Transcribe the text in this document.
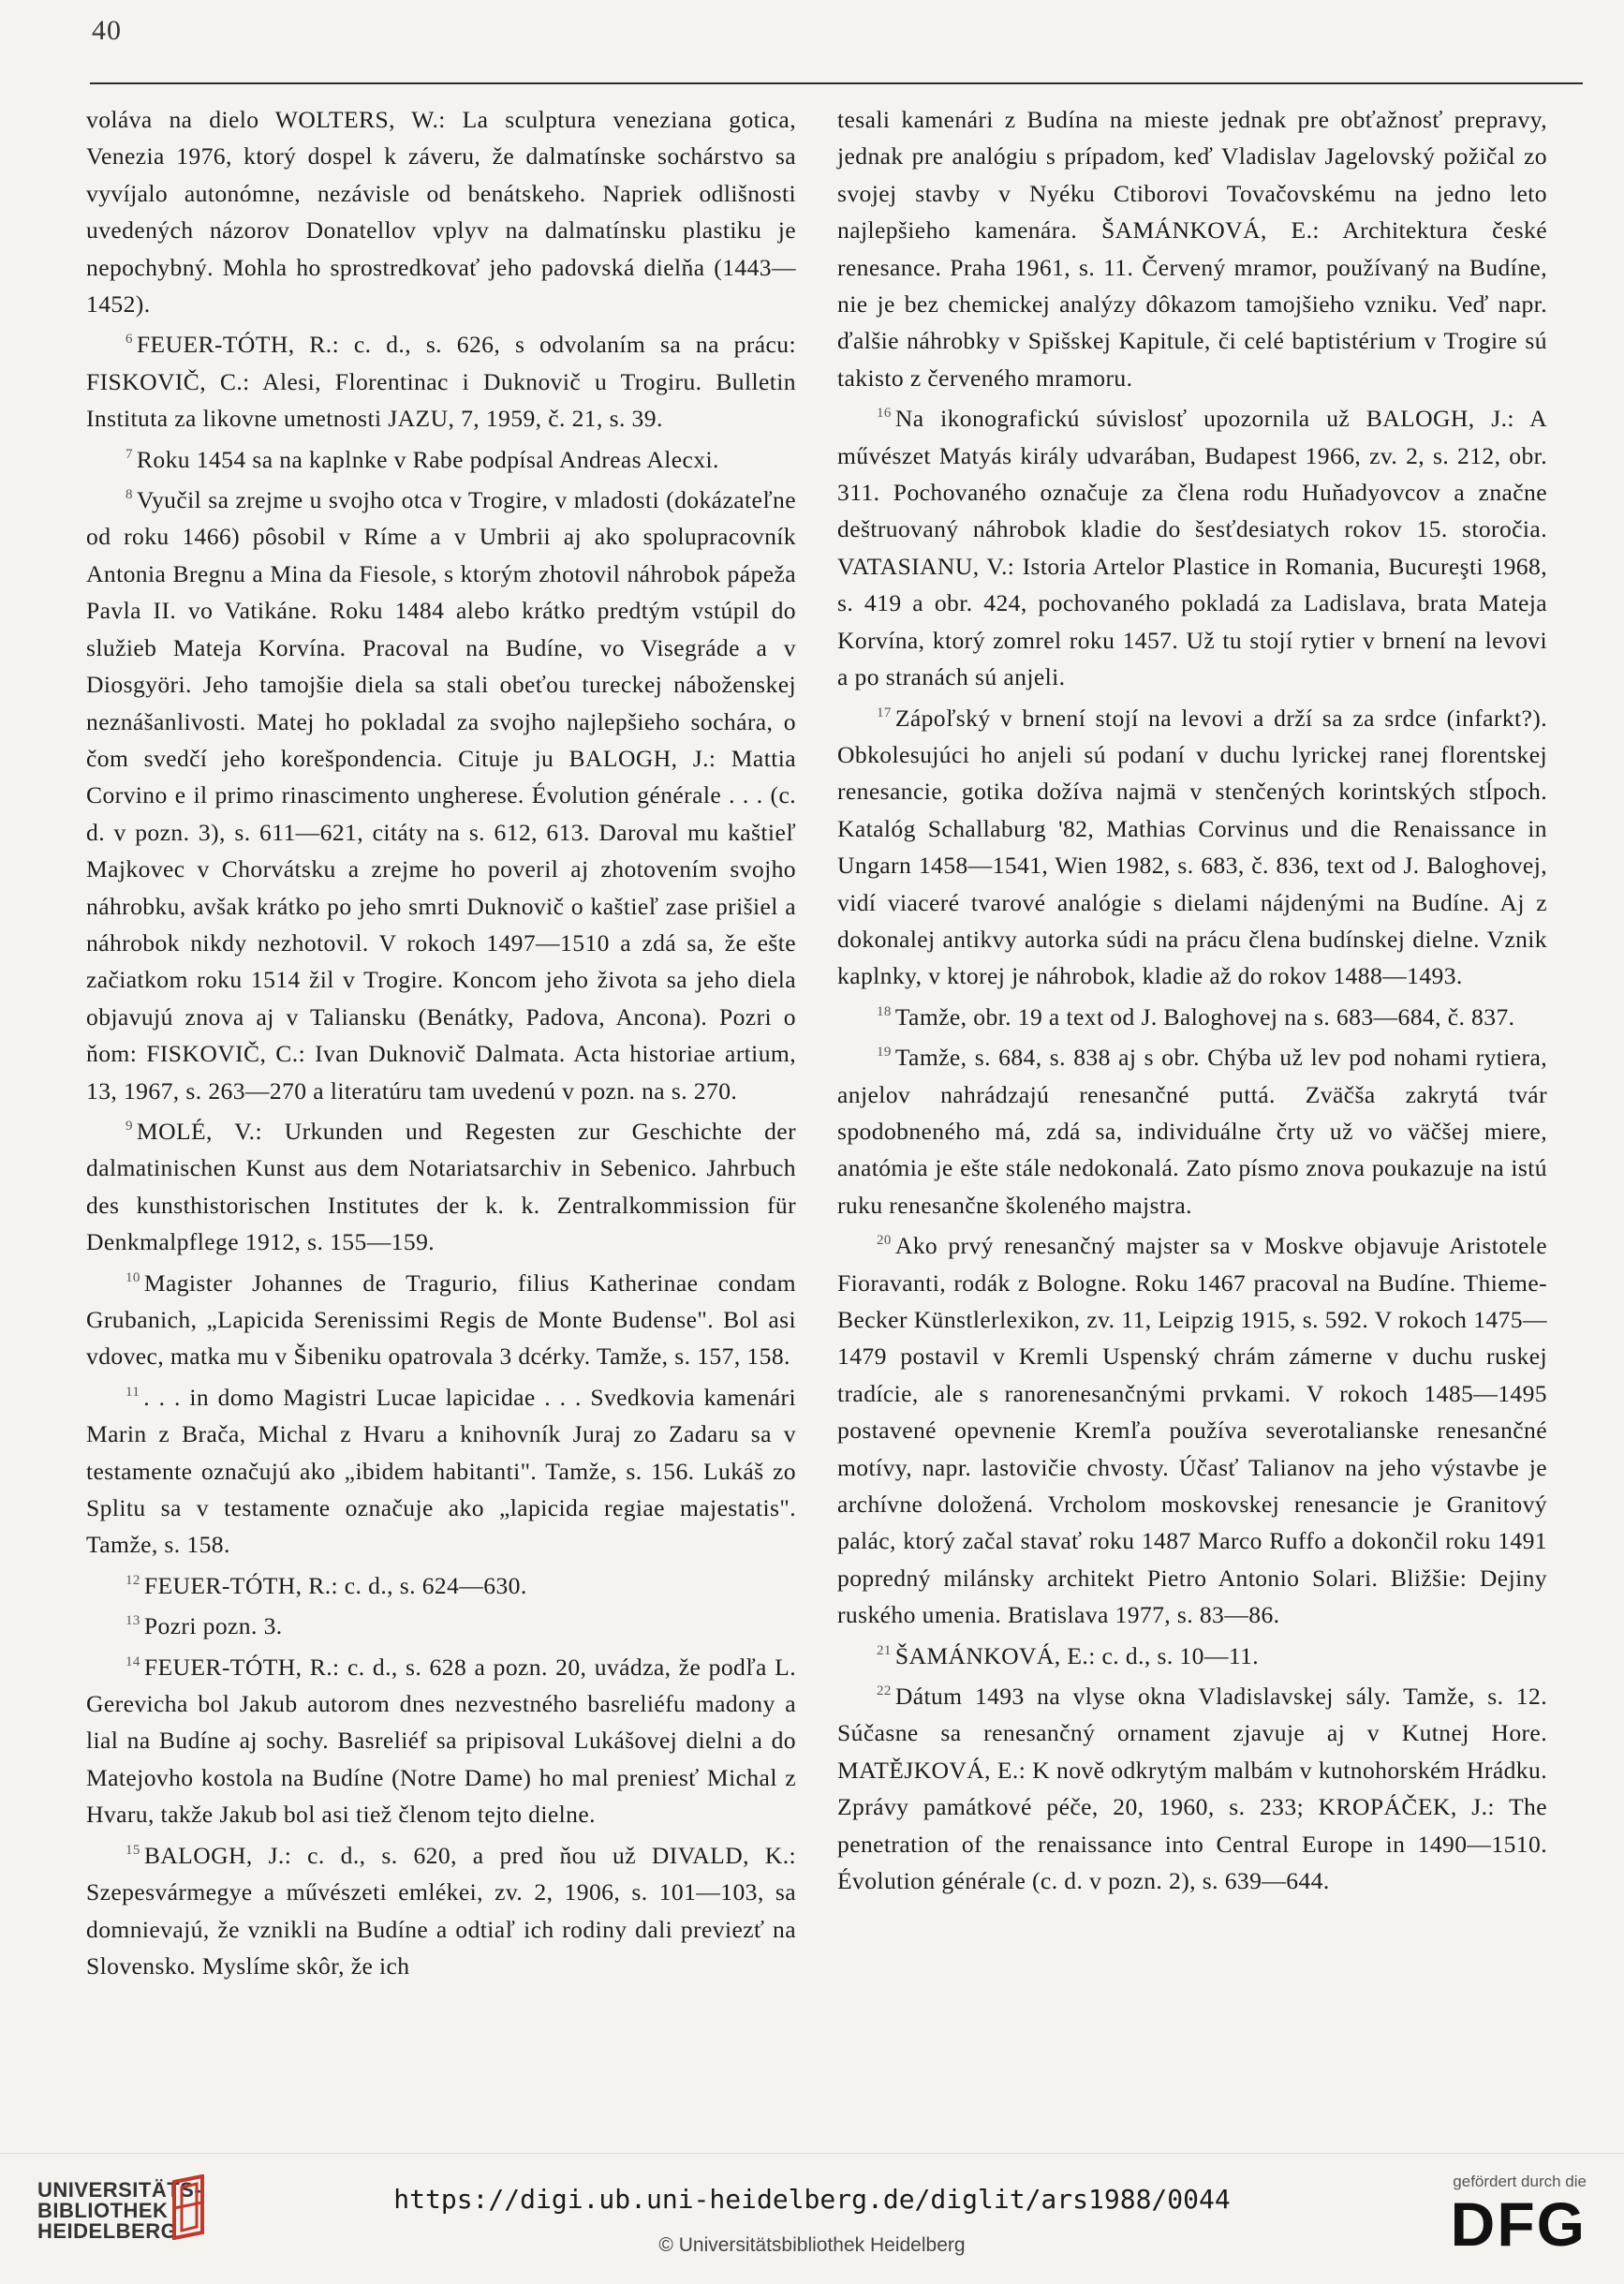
40

voláva na dielo WOLTERS, W.: La sculptura veneziana gotica, Venezia 1976, ktorý dospel k záveru, že dalmatínske sochárstvo sa vyvíjalo autonómne, nezávisle od benátskeho. Napriek odlišnosti uvedených názorov Donatellov vplyv na dalmatínsku plastiku je nepochybný. Mohla ho sprostredkovať jeho padovská dielňa (1443—1452).

$^6$ FEUER-TÓTH, R.: c. d., s. 626, s odvolaním sa na prácu: FISKOVIČ, C.: Alesi, Florentinac i Duknovič u Trogiru. Bulletin Instituta za likovne umetnosti JAZU, 7, 1959, č. 21, s. 39.

$^7$ Roku 1454 sa na kaplnke v Rabe podpísal Andreas Alecxi.

$^8$ Vyučil sa zrejme u svojho otca v Trogire, v mladosti (dokázateľne od roku 1466) pôsobil v Ríme a v Umbrii aj ako spolupracovník Antonia Bregnu a Mina da Fiesole, s ktorým zhotovil náhrobok pápeža Pavla II. vo Vatikáne. Roku 1484 alebo krátko predtým vstúpil do služieb Mateja Korvína. Pracoval na Budíne, vo Visegráde a v Diosgyöri. Jeho tamojšie diela sa stali obeťou tureckej náboženskej neznášanlivosti. Matej ho pokladal za svojho najlepšieho sochára, o čom svedčí jeho korešpondencia. Cituje ju BALOGH, J.: Mattia Corvino e il primo rinascimento ungherese. Évolution générale . . . (c. d. v pozn. 3), s. 611—621, citáty na s. 612, 613. Daroval mu kaštieľ Majkovec v Chorvátsku a zrejme ho poveril aj zhotovením svojho náhrobku, avšak krátko po jeho smrti Duknovič o kaštieľ zase prišiel a náhrobok nikdy nezhotovil. V rokoch 1497—1510 a zdá sa, že ešte začiatkom roku 1514 žil v Trogire. Koncom jeho života sa jeho diela objavujú znova aj v Taliansku (Benátky, Padova, Ancona). Pozri o ňom: FISKOVIČ, C.: Ivan Duknovič Dalmata. Acta historiae artium, 13, 1967, s. 263—270 a literatúru tam uvedenú v pozn. na s. 270.

$^9$ MOLÉ, V.: Urkunden und Regesten zur Geschichte der dalmatinischen Kunst aus dem Notariatsarchiv in Sebenico. Jahrbuch des kunsthistorischen Institutes der k. k. Zentralkommission für Denkmalpflege 1912, s. 155—159.

$^{10}$ Magister Johannes de Tragurio, filius Katherinae condam Grubanich, „Lapicida Serenissimi Regis de Monte Budense". Bol asi vdovec, matka mu v Šibeniku opatrovala 3 dcérky. Tamže, s. 157, 158.

$^{11}$ . . . in domo Magistri Lucae lapicidae . . . Svedkovia kamenári Marin z Brača, Michal z Hvaru a knihovník Juraj zo Zadaru sa v testamente označujú ako „ibidem habitanti". Tamže, s. 156. Lukáš zo Splitu sa v testamente označuje ako „lapicida regiae majestatis". Tamže, s. 158.

$^{12}$ FEUER-TÓTH, R.: c. d., s. 624—630.

$^{13}$ Pozri pozn. 3.

$^{14}$ FEUER-TÓTH, R.: c. d., s. 628 a pozn. 20, uvádza, že podľa L. Gerevicha bol Jakub autorom dnes nezvestného basreliéfu madony a lial na Budíne aj sochy. Basreliéf sa pripisoval Lukášovej dielni a do Matejovho kostola na Budíne (Notre Dame) ho mal preniesť Michal z Hvaru, takže Jakub bol asi tiež členom tejto dielne.

$^{15}$ BALOGH, J.: c. d., s. 620, a pred ňou už DIVALD, K.: Szepesvármegye a művészeti emlékei, zv. 2, 1906, s. 101—103, sa domnievajú, že vznikli na Budíne a odtiaľ ich rodiny dali previezť na Slovensko. Myslíme skôr, že ich

tesali kamenári z Budína na mieste jednak pre obťažnosť prepravy, jednak pre analógiu s prípadom, keď Vladislav Jagelovský požičal zo svojej stavby v Nyéku Ctiborovi Tovačovskému na jedno leto najlepšieho kamenára. ŠAMÁNKOVÁ, E.: Architektura české renesance. Praha 1961, s. 11. Červený mramor, používaný na Budíne, nie je bez chemickej analýzy dôkazom tamojšieho vzniku. Veď napr. ďalšie náhrobky v Spišskej Kapitule, či celé baptistérium v Trogire sú takisto z červeného mramoru.

$^{16}$ Na ikonografickú súvislosť upozornila už BALOGH, J.: A művészet Matyás király udvarában, Budapest 1966, zv. 2, s. 212, obr. 311. Pochovaného označuje za člena rodu Huňadyovcov a značne deštruovaný náhrobok kladie do šesťdesiatych rokov 15. storočia. VATASIANU, V.: Istoria Artelor Plastice in Romania, Bucureşti 1968, s. 419 a obr. 424, pochovaného pokladá za Ladislava, brata Mateja Korvína, ktorý zomrel roku 1457. Už tu stojí rytier v brnení na levovi a po stranách sú anjeli.

$^{17}$ Zápoľský v brnení stojí na levovi a drží sa za srdce (infarkt?). Obkolesujúci ho anjeli sú podaní v duchu lyrickej ranej florentskej renesancie, gotika dožíva najmä v stenčených korintských stĺpoch. Katalóg Schallaburg '82, Mathias Corvinus und die Renaissance in Ungarn 1458—1541, Wien 1982, s. 683, č. 836, text od J. Baloghovej, vidí viaceré tvarové analógie s dielami nájdenými na Budíne. Aj z dokonalej antikvy autorka súdi na prácu člena budínskej dielne. Vznik kaplnky, v ktorej je náhrobok, kladie až do rokov 1488—1493.

$^{18}$ Tamže, obr. 19 a text od J. Baloghovej na s. 683—684, č. 837.

$^{19}$ Tamže, s. 684, s. 838 aj s obr. Chýba už lev pod nohami rytiera, anjelov nahrádzajú renesančné puttá. Zväčša zakrytá tvár spodobneného má, zdá sa, individuálne črty už vo väčšej miere, anatómia je ešte stále nedokonalá. Zato písmo znova poukazuje na istú ruku renesančne školeného majstra.

$^{20}$ Ako prvý renesančný majster sa v Moskve objavuje Aristotele Fioravanti, rodák z Bologne. Roku 1467 pracoval na Budíne. Thieme-Becker Künstlerlexikon, zv. 11, Leipzig 1915, s. 592. V rokoch 1475—1479 postavil v Kremli Uspenský chrám zámerne v duchu ruskej tradície, ale s ranorenesančnými prvkami. V rokoch 1485—1495 postavené opevnenie Kremľa používa severotalianske renesančné motívy, napr. lastovičie chvosty. Účasť Talianov na jeho výstavbe je archívne doložená. Vrcholom moskovskej renesancie je Granitový palác, ktorý začal stavať roku 1487 Marco Ruffo a dokončil roku 1491 popredný milánsky architekt Pietro Antonio Solari. Bližšie: Dejiny ruského umenia. Bratislava 1977, s. 83—86.

$^{21}$ ŠAMÁNKOVÁ, E.: c. d., s. 10—11.

$^{22}$ Dátum 1493 na vlyse okna Vladislavskej sály. Tamže, s. 12. Súčasne sa renesančný ornament zjavuje aj v Kutnej Hore. MATĚJKOVÁ, E.: K nově odkrytým malbám v kutnohorském Hrádku. Zprávy památkové péče, 20, 1960, s. 233; KROPÁČEK, J.: The penetration of the renaissance into Central Europe in 1490—1510. Évolution générale (c. d. v pozn. 2), s. 639—644.

UNIVERSITÄTS-
BIBLIOTHEK
HEIDELBERG
https://digi.ub.uni-heidelberg.de/diglit/ars1988/0044
© Universitätsbibliothek Heidelberg
gefördert durch die
DFG
